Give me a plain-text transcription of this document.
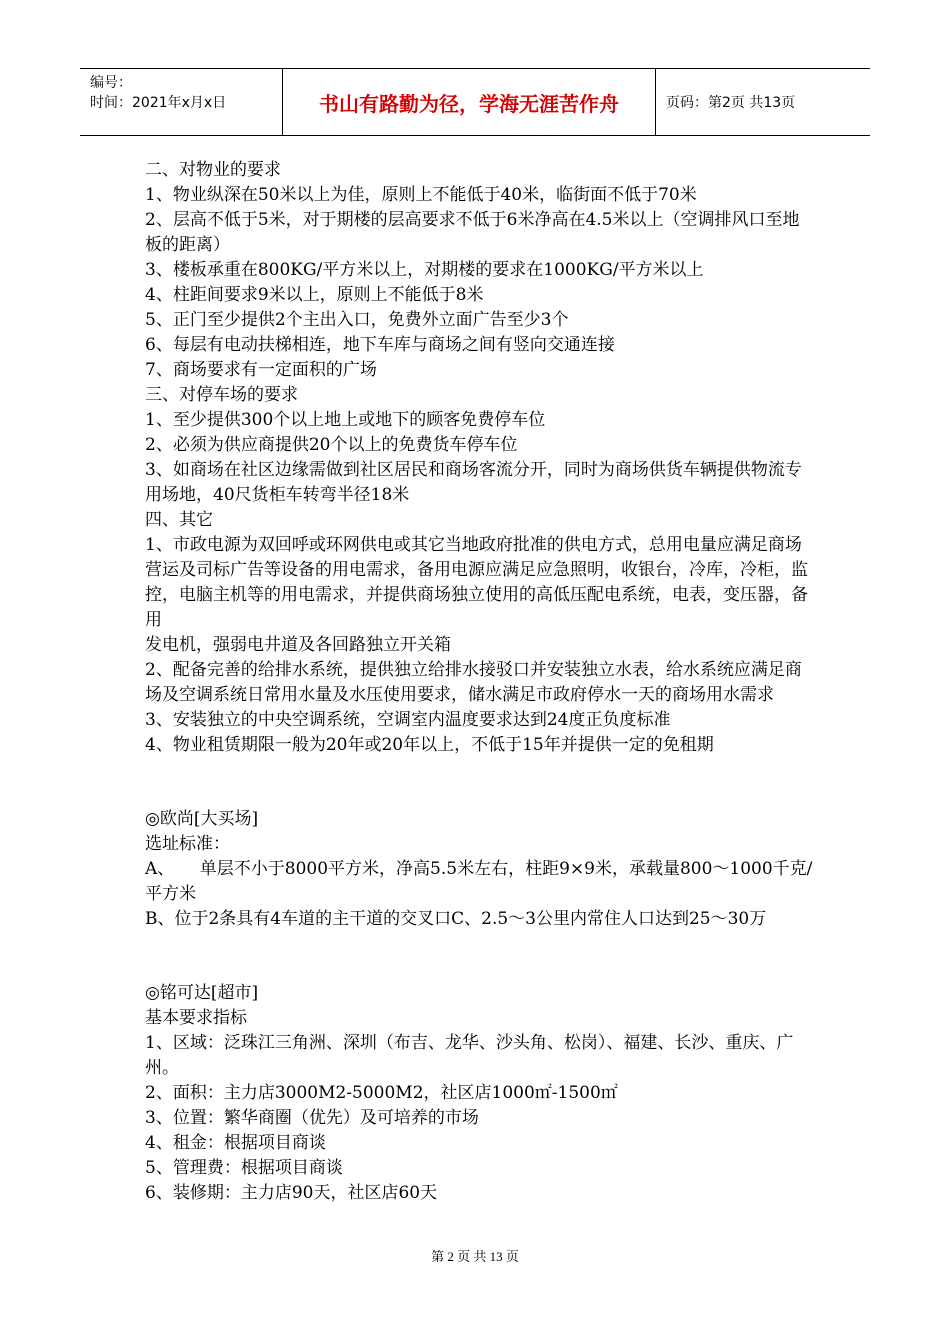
编号：
时间：2021年x月x日	书山有路勤为径，学海无涯苦作舟	页码：第2页 共13页

二、对物业的要求

1、物业纵深在50米以上为佳，原则上不能低于40米，临街面不低于70米

2、层高不低于5米，对于期楼的层高要求不低于6米净高在4.5米以上（空调排风口至地板的距离）

3、楼板承重在800KG/平方米以上，对期楼的要求在1000KG/平方米以上

4、柱距间要求9米以上，原则上不能低于8米

5、正门至少提供2个主出入口，免费外立面广告至少3个

6、每层有电动扶梯相连，地下车库与商场之间有竖向交通连接

7、商场要求有一定面积的广场

三、对停车场的要求

1、至少提供300个以上地上或地下的顾客免费停车位

2、必须为供应商提供20个以上的免费货车停车位

3、如商场在社区边缘需做到社区居民和商场客流分开，同时为商场供货车辆提供物流专用场地，40尺货柜车转弯半径18米

四、其它

1、市政电源为双回呼或环网供电或其它当地政府批准的供电方式，总用电量应满足商场营运及司标广告等设备的用电需求，备用电源应满足应急照明，收银台，冷库，冷柜，监控，电脑主机等的用电需求，并提供商场独立使用的高低压配电系统，电表，变压器，备用

发电机，强弱电井道及各回路独立开关箱

2、配备完善的给排水系统，提供独立给排水接驳口并安装独立水表，给水系统应满足商场及空调系统日常用水量及水压使用要求，储水满足市政府停水一天的商场用水需求

3、安装独立的中央空调系统，空调室内温度要求达到24度正负度标准

4、物业租赁期限一般为20年或20年以上，不低于15年并提供一定的免租期

◎欧尚[大买场]

选址标准：

A、　　单层不小于8000平方米，净高5.5米左右，柱距9×9米，承载量800～1000千克/平方米

B、位于2条具有4车道的主干道的交叉口C、2.5～3公里内常住人口达到25～30万

◎铭可达[超市]

基本要求指标

1、区域：泛珠江三角洲、深圳（布吉、龙华、沙头角、松岗）、福建、长沙、重庆、广州。

2、面积：主力店3000M2-5000M2，社区店1000㎡-1500㎡

3、位置：繁华商圈（优先）及可培养的市场

4、租金：根据项目商谈

5、管理费：根据项目商谈

6、装修期：主力店90天，社区店60天

第 2 页 共 13 页
